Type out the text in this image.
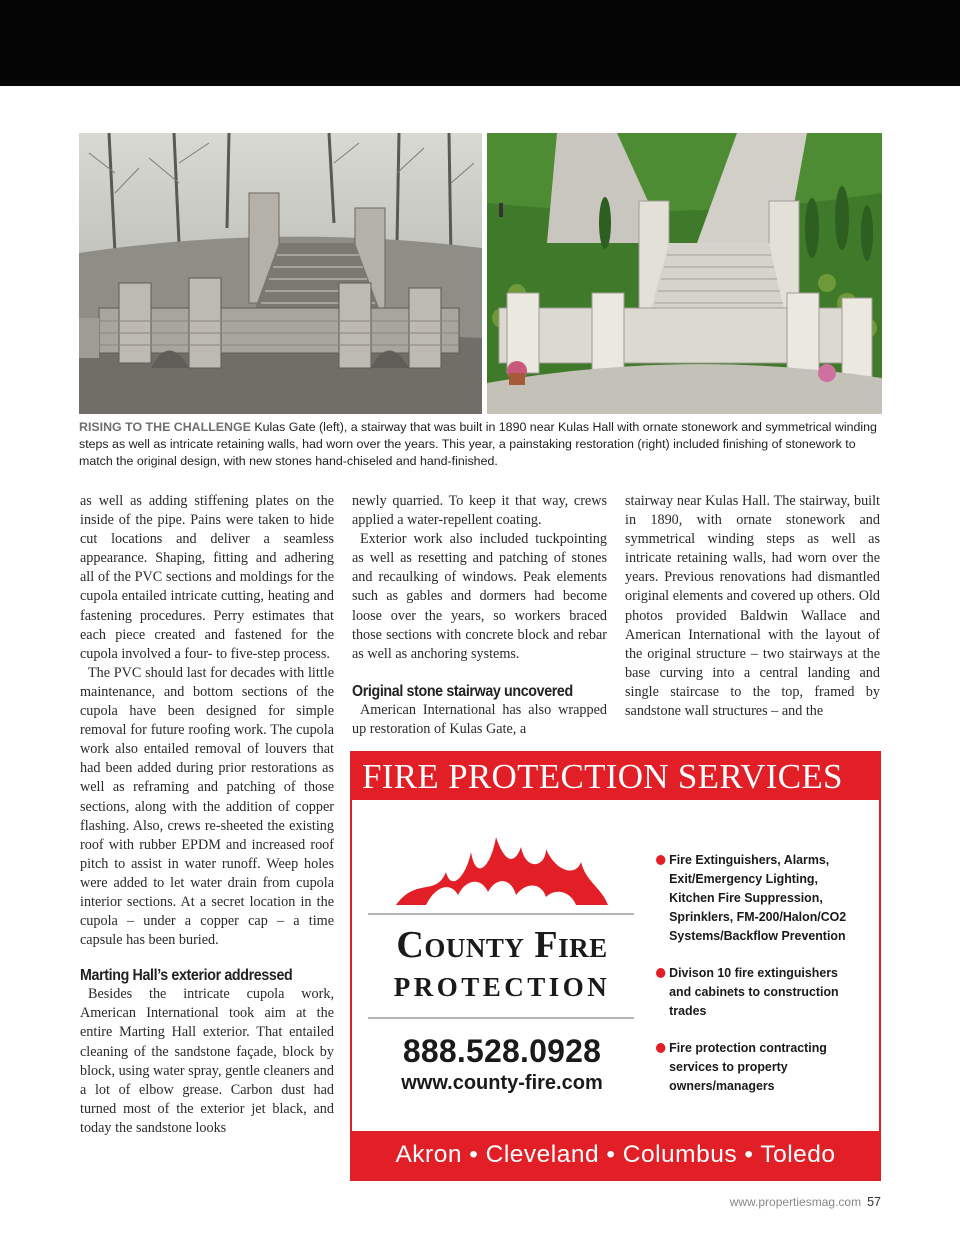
RISING TO THE CHALLENGE Kulas Gate (left), a stairway that was built in 1890 near Kulas Hall with ornate stonework and symmetrical winding steps as well as intricate retaining walls, had worn over the years. This year, a painstaking restoration (right) included finishing of stonework to match the original design, with new stones hand-chiseled and hand-finished.

as well as adding stiffening plates on the inside of the pipe. Pains were taken to hide cut locations and deliver a seamless appearance. Shaping, fitting and adhering all of the PVC sections and moldings for the cupola entailed intricate cutting, heating and fastening procedures. Perry estimates that each piece created and fastened for the cupola involved a four- to five-step process.

The PVC should last for decades with little maintenance, and bottom sections of the cupola have been designed for simple removal for future roofing work. The cupola work also entailed removal of louvers that had been added during prior restorations as well as reframing and patching of those sections, along with the addition of copper flashing. Also, crews re-sheeted the existing roof with rubber EPDM and increased roof pitch to assist in water runoff. Weep holes were added to let water drain from cupola interior sections. At a secret location in the cupola – under a copper cap – a time capsule has been buried.

Marting Hall’s exterior addressed

Besides the intricate cupola work, American International took aim at the entire Marting Hall exterior. That entailed cleaning of the sandstone façade, block by block, using water spray, gentle cleaners and a lot of elbow grease. Carbon dust had turned most of the exterior jet black, and today the sandstone looks

newly quarried. To keep it that way, crews applied a water-repellent coating.

Exterior work also included tuckpointing as well as resetting and patching of stones and recaulking of windows. Peak elements such as gables and dormers had become loose over the years, so workers braced those sections with concrete block and rebar as well as anchoring systems.

Original stone stairway uncovered

American International has also wrapped up restoration of Kulas Gate, a

stairway near Kulas Hall. The stairway, built in 1890, with ornate stonework and symmetrical winding steps as well as intricate retaining walls, had worn over the years. Previous renovations had dismantled original elements and covered up others. Old photos provided Baldwin Wallace and American International with the layout of the original structure – two stairways at the base curving into a central landing and single staircase to the top, framed by sandstone wall structures – and the

FIRE PROTECTION SERVICES
County Fire
PROTECTION
888.528.0928
www.county-fire.com
Fire Extinguishers, Alarms, Exit/Emergency Lighting, Kitchen Fire Suppression, Sprinklers, FM-200/Halon/CO2 Systems/Backflow Prevention
Divison 10 fire extinguishers and cabinets to construction trades
Fire protection contracting services to property owners/managers
Akron • Cleveland • Columbus • Toledo
www.propertiesmag.com 57
